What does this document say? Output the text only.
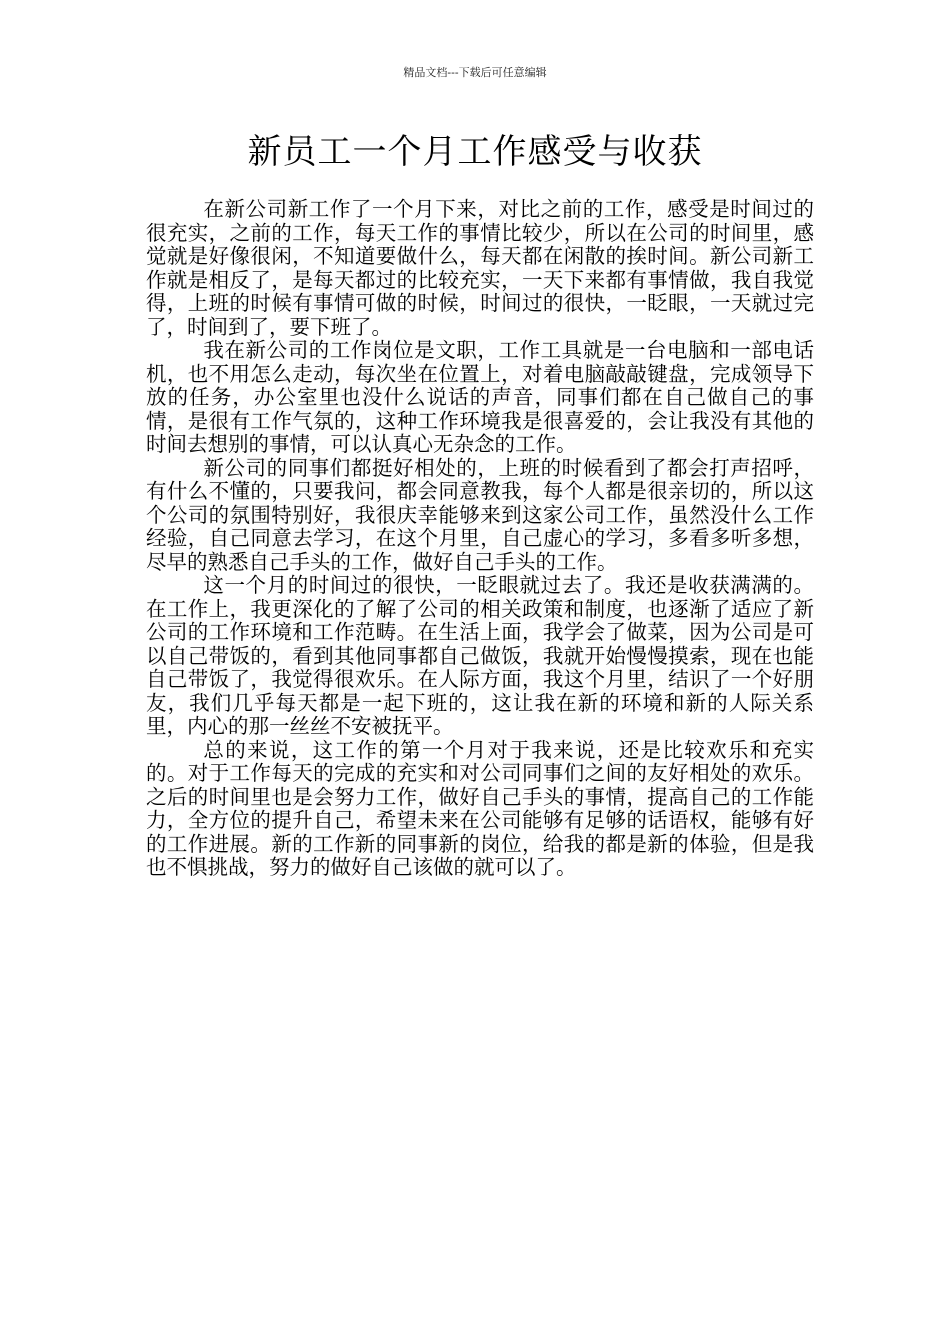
精品文档---下载后可任意编辑
新员工一个月工作感受与收获

在新公司新工作了一个月下来，对比之前的工作，感受是时间过的很充实，之前的工作，每天工作的事情比较少，所以在公司的时间里，感觉就是好像很闲，不知道要做什么，每天都在闲散的挨时间。新公司新工作就是相反了，是每天都过的比较充实，一天下来都有事情做，我自我觉得，上班的时候有事情可做的时候，时间过的很快，一眨眼，一天就过完了，时间到了，要下班了。

我在新公司的工作岗位是文职，工作工具就是一台电脑和一部电话机，也不用怎么走动，每次坐在位置上，对着电脑敲敲键盘，完成领导下放的任务，办公室里也没什么说话的声音，同事们都在自己做自己的事情，是很有工作气氛的，这种工作环境我是很喜爱的，会让我没有其他的时间去想别的事情，可以认真心无杂念的工作。

新公司的同事们都挺好相处的，上班的时候看到了都会打声招呼，有什么不懂的，只要我问，都会同意教我，每个人都是很亲切的，所以这个公司的氛围特别好，我很庆幸能够来到这家公司工作，虽然没什么工作经验，自己同意去学习，在这个月里，自己虚心的学习，多看多听多想，尽早的熟悉自己手头的工作，做好自己手头的工作。

这一个月的时间过的很快，一眨眼就过去了。我还是收获满满的。在工作上，我更深化的了解了公司的相关政策和制度，也逐渐了适应了新公司的工作环境和工作范畴。在生活上面，我学会了做菜，因为公司是可以自己带饭的，看到其他同事都自己做饭，我就开始慢慢摸索，现在也能自己带饭了，我觉得很欢乐。在人际方面，我这个月里，结识了一个好朋友，我们几乎每天都是一起下班的，这让我在新的环境和新的人际关系里，内心的那一丝丝不安被抚平。

总的来说，这工作的第一个月对于我来说，还是比较欢乐和充实的。对于工作每天的完成的充实和对公司同事们之间的友好相处的欢乐。之后的时间里也是会努力工作，做好自己手头的事情，提高自己的工作能力，全方位的提升自己，希望未来在公司能够有足够的话语权，能够有好的工作进展。新的工作新的同事新的岗位，给我的都是新的体验，但是我也不惧挑战，努力的做好自己该做的就可以了。
